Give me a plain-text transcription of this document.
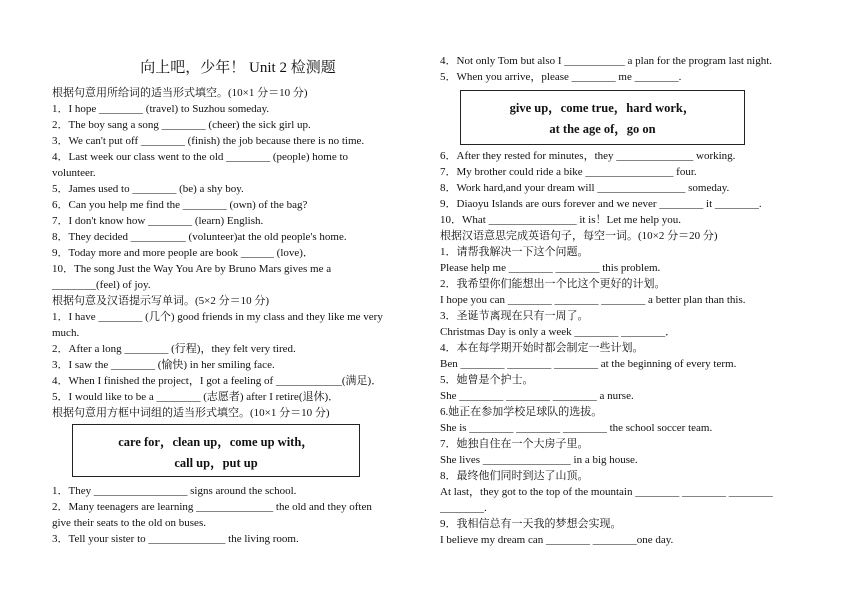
向上吧，少年！ Unit 2 检测题
根据句意用所给词的适当形式填空。(10×1 分＝10 分)
1．I hope ________ (travel) to Suzhou someday.
2．The boy sang a song ________ (cheer) the sick girl up.
3．We can't put off ________ (finish) the job because there is no time.
4．Last week our class went to the old ________ (people) home to
volunteer.
5．James used to ________ (be) a shy boy.
6．Can you help me find the ________ (own) of the bag?
7．I don't know how ________ (learn) English.
8．They decided __________ (volunteer)at the old people's home.
9．Today more and more people are book ______ (love)．
10．The song Just the Way You Are by Bruno Mars gives me a
________(feel) of joy.
根据句意及汉语提示写单词。(5×2 分＝10 分)
1．I have ________ (几个) good friends in my class and they like me very
much.
2．After a long ________ (行程)，they felt very tired.
3．I saw the ________ (愉快) in her smiling face.
4．When I finished the project，I got a feeling of ____________(满足)．
5．I would like to be a ________ (志愿者) after I retire(退休)．
根据句意用方框中词组的适当形式填空。(10×1 分＝10 分)
care for，clean up，come up with，
call up，put up
1．They _________________ signs around the school.
2．Many teenagers are learning ______________ the old and they often
give their seats to the old on buses.
3．Tell your sister to ______________ the living room.
4．Not only Tom but also I ___________ a plan for the program last night.
5．When you arrive，please ________ me ________.
give up，come true，hard work，
at the age of，go on
6．After they rested for minutes，they ______________ working.
7．My brother could ride a bike ________________ four.
8．Work hard,and your dream will ________________ someday.
9．Diaoyu Islands are ours forever and we never ________ it ________.
10．What ________________ it is！Let me help you.
根据汉语意思完成英语句子，每空一词。(10×2 分＝20 分)
1．请帮我解决一下这个问题。
Please help me ________ ________ this problem.
2．我希望你们能想出一个比这个更好的计划。
I hope you can ________ ________ ________ a better plan than this.
3．圣诞节离现在只有一周了。
Christmas Day is only a week ________ ________．
4．本在每学期开始时都会制定一些计划。
Ben ________ ________ ________ at the beginning of every term.
5．她曾是个护士。
She ________ ________ ________ a nurse.
6.她正在参加学校足球队的选拔。
She is ________ ________ ________ the school soccer team.
7．她独自住在一个大房子里。
She lives ________________ in a big house.
8．最终他们同时到达了山顶。
At last，they got to the top of the mountain ________ ________ ________
________.
9．我相信总有一天我的梦想会实现。
I believe my dream can ________ ________one day.
